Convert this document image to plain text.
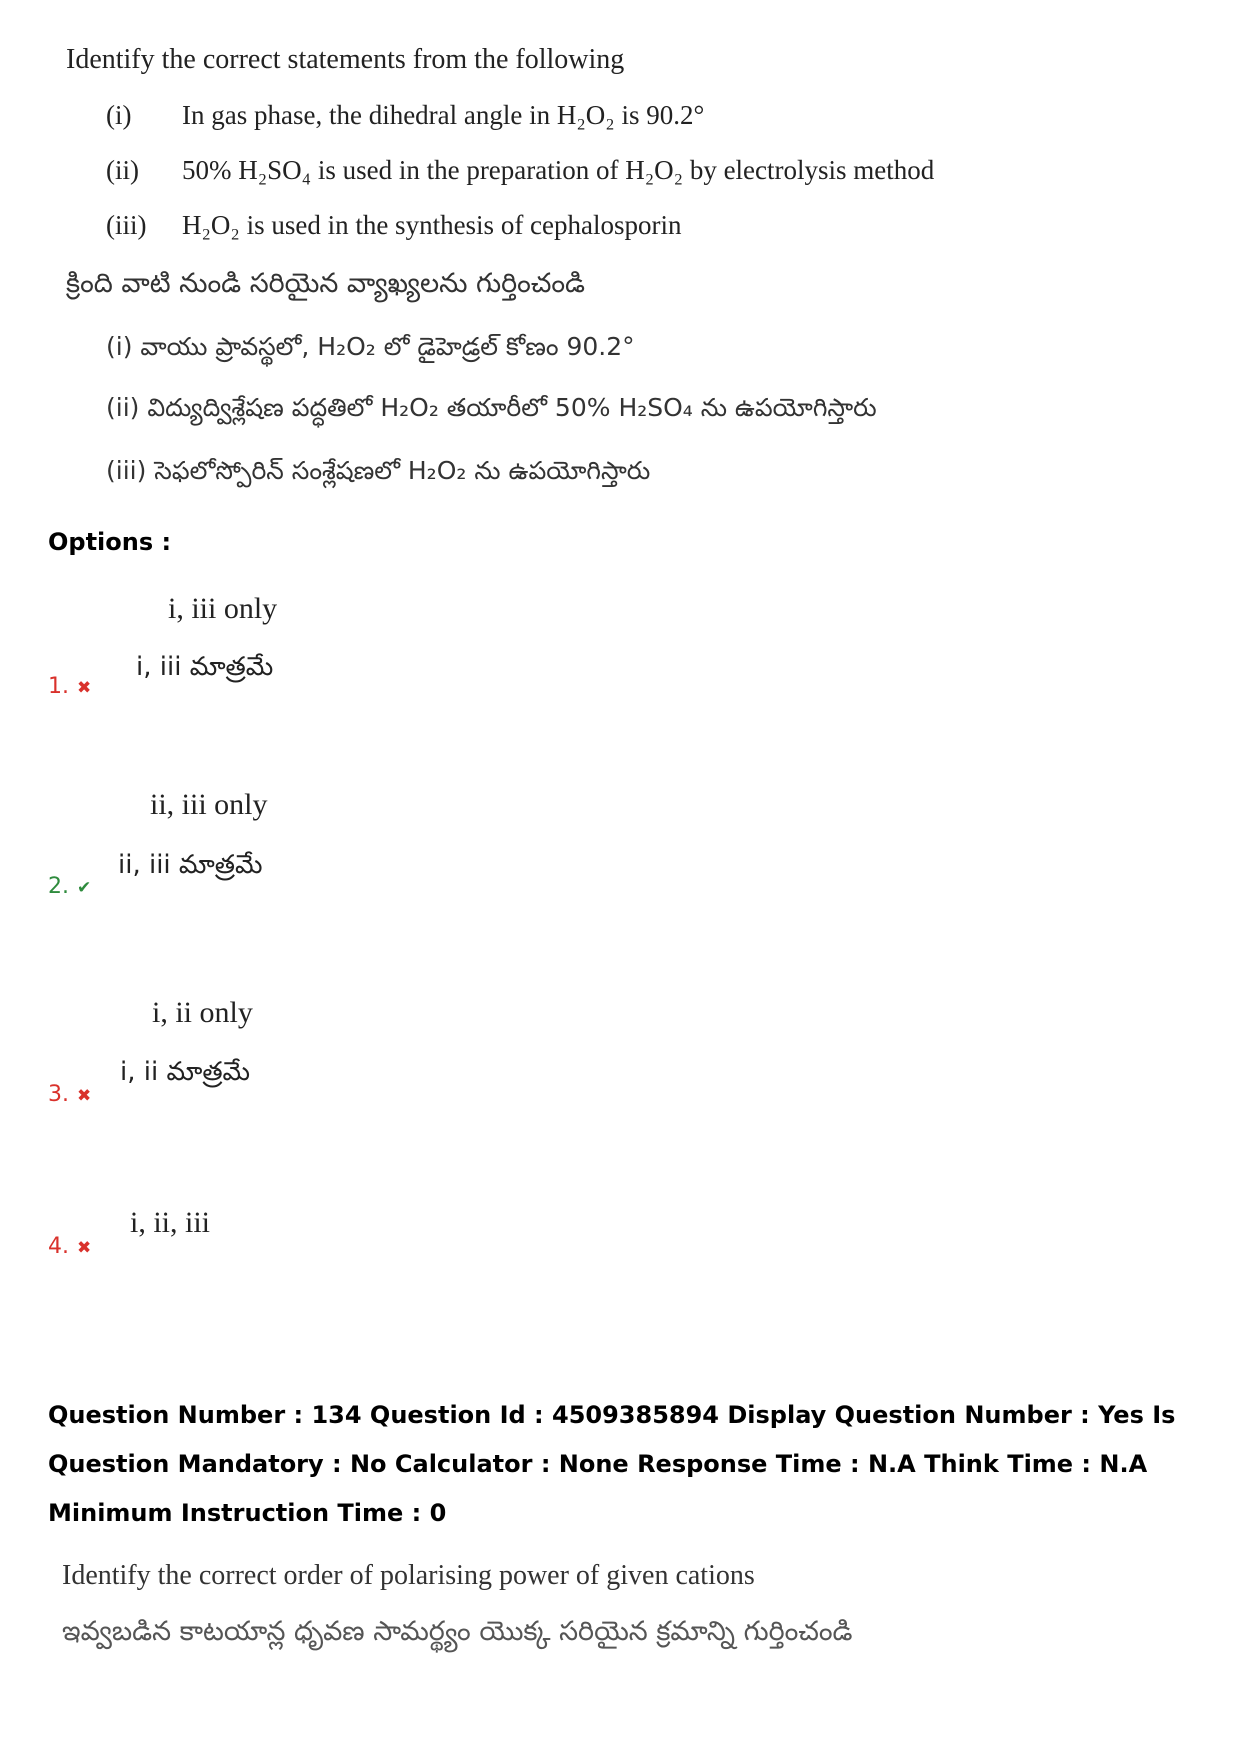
Identify the correct statements from the following
(i) In gas phase, the dihedral angle in H₂O₂ is 90.2°
(ii) 50% H₂SO₄ is used in the preparation of H₂O₂ by electrolysis method
(iii) H₂O₂ is used in the synthesis of cephalosporin
క్రింది వాటి నుండి సరియైన వ్యాఖ్యలను గుర్తించండి
(i) వాయు ప్రావస్థలో, H₂O₂ లో డైహెడ్రల్ కోణం 90.2°
(ii) విద్యుద్విశ్లేషణ పద్ధతిలో H₂O₂ తయారీలో 50% H₂SO₄ ను ఉపయోగిస్తారు
(iii) సెఫలోస్పోరిన్ సంశ్లేషణలో H₂O₂ ను ఉపయోగిస్తారు
Options :
i, iii only
i, iii మాత్రమే
1. ✖
ii, iii only
ii, iii మాత్రమే
2. ✔
i, ii only
i, ii మాత్రమే
3. ✖
i, ii, iii
4. ✖
Question Number : 134 Question Id : 4509385894 Display Question Number : Yes Is Question Mandatory : No Calculator : None Response Time : N.A Think Time : N.A Minimum Instruction Time : 0
Identify the correct order of polarising power of given cations
ఇవ్వబడిన కాటయాన్ల ధృవణ సామర్థ్యం యొక్క సరియైన క్రమాన్ని గుర్తించండి
